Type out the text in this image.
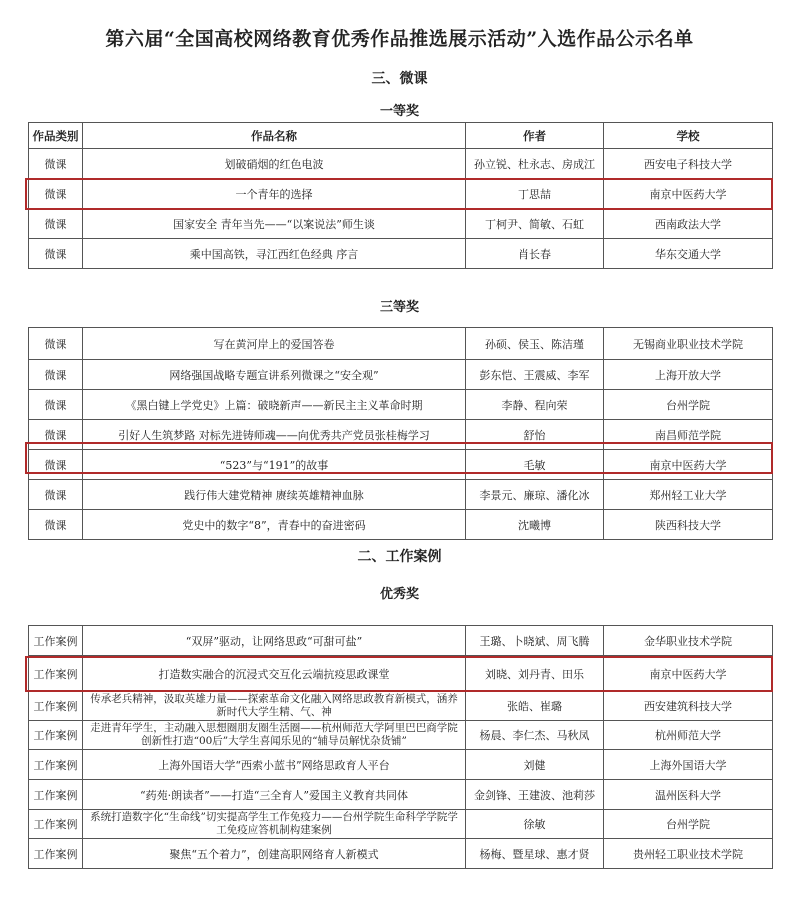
第六届“全国高校网络教育优秀作品推选展示活动”入选作品公示名单
三、微课
一等奖
作品类别	作品名称	作者	学校
微课	划破硝烟的红色电波	孙立锐、杜永志、房成江	西安电子科技大学
微课	一个青年的选择	丁思喆	南京中医药大学
微课	国家安全 青年当先——“以案说法”师生谈	丁柯尹、简敏、石虹	西南政法大学
微课	乘中国高铁，寻江西红色经典 序言	肖长春	华东交通大学
三等奖
微课	写在黄河岸上的爱国答卷	孙硕、侯玉、陈洁瑾	无锡商业职业技术学院
微课	网络强国战略专题宣讲系列微课之“安全观”	彭东恺、王震威、李军	上海开放大学
微课	《黑白键上学党史》上篇：破晓新声——新民主主义革命时期	李静、程向荣	台州学院
微课	引好人生筑梦路 对标先进铸师魂——向优秀共产党员张桂梅学习	舒怡	南昌师范学院
微课	“523”与“191”的故事	毛敏	南京中医药大学
微课	践行伟大建党精神 赓续英雄精神血脉	李景元、廉琼、潘化冰	郑州轻工业大学
微课	党史中的数字“8”，青春中的奋进密码	沈曦博	陕西科技大学
二、工作案例
优秀奖
工作案例	“双屏”驱动，让网络思政“可甜可盐”	王璐、卜晓斌、周飞腾	金华职业技术学院
工作案例	打造数实融合的沉浸式交互化云端抗疫思政课堂	刘晓、刘丹青、田乐	南京中医药大学
工作案例	传承老兵精神，汲取英雄力量——探索革命文化融入网络思政教育新模式，涵养新时代大学生精、气、神	张皓、崔璐	西安建筑科技大学
工作案例	走进青年学生，主动融入思想圈朋友圈生活圈——杭州师范大学阿里巴巴商学院创新性打造“00后”大学生喜闻乐见的“辅导员解忧杂货铺”	杨晨、李仁杰、马秋凤	杭州师范大学
工作案例	上海外国语大学“西索小蓝书”网络思政育人平台	刘健	上海外国语大学
工作案例	“药苑·朗读者”——打造“三全育人”爱国主义教育共同体	金剑锋、王建波、池莉莎	温州医科大学
工作案例	系统打造数字化“生命线”切实提高学生工作免疫力——台州学院生命科学学院学工免疫应答机制构建案例	徐敏	台州学院
工作案例	聚焦“五个着力”，创建高职网络育人新模式	杨梅、暨星球、惠才贤	贵州轻工职业技术学院
